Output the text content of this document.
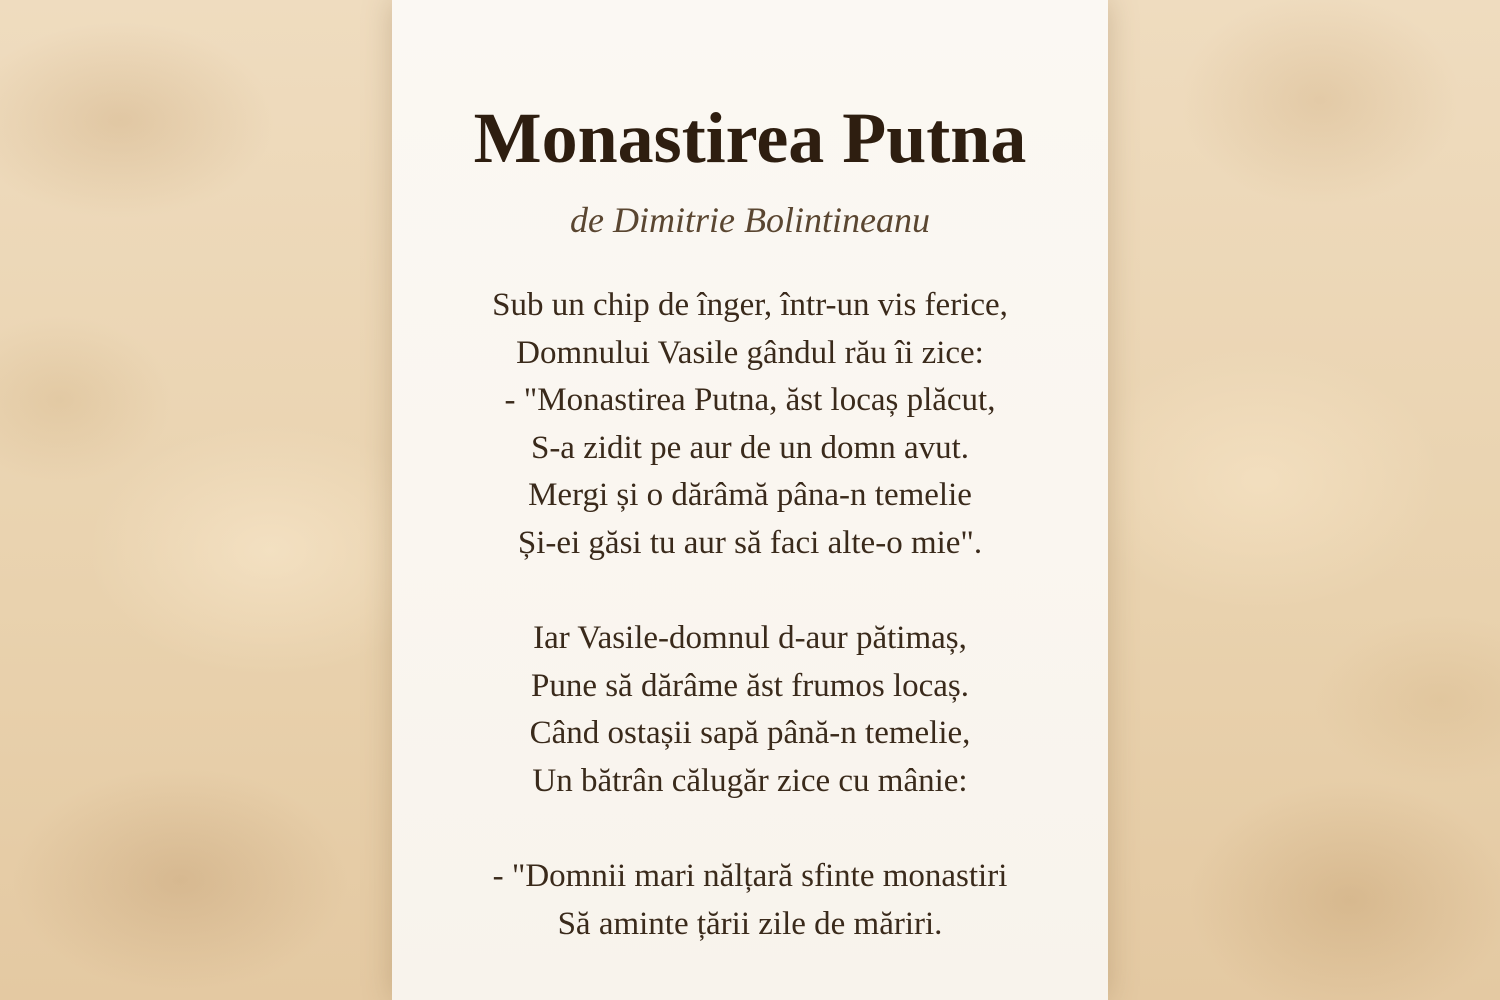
Monastirea Putna

de Dimitrie Bolintineanu

Sub un chip de înger, într-un vis ferice,
Domnului Vasile gândul rău îi zice:
- "Monastirea Putna, ăst locaș plăcut,
S-a zidit pe aur de un domn avut.
Mergi și o dărâmă pâna-n temelie
Și-ei găsi tu aur să faci alte-o mie".
Iar Vasile-domnul d-aur pătimaș,
Pune să dărâme ăst frumos locaș.
Când ostașii sapă până-n temelie,
Un bătrân călugăr zice cu mânie:
- "Domnii mari nălțară sfinte monastiri
Să aminte țării zile de măriri.
